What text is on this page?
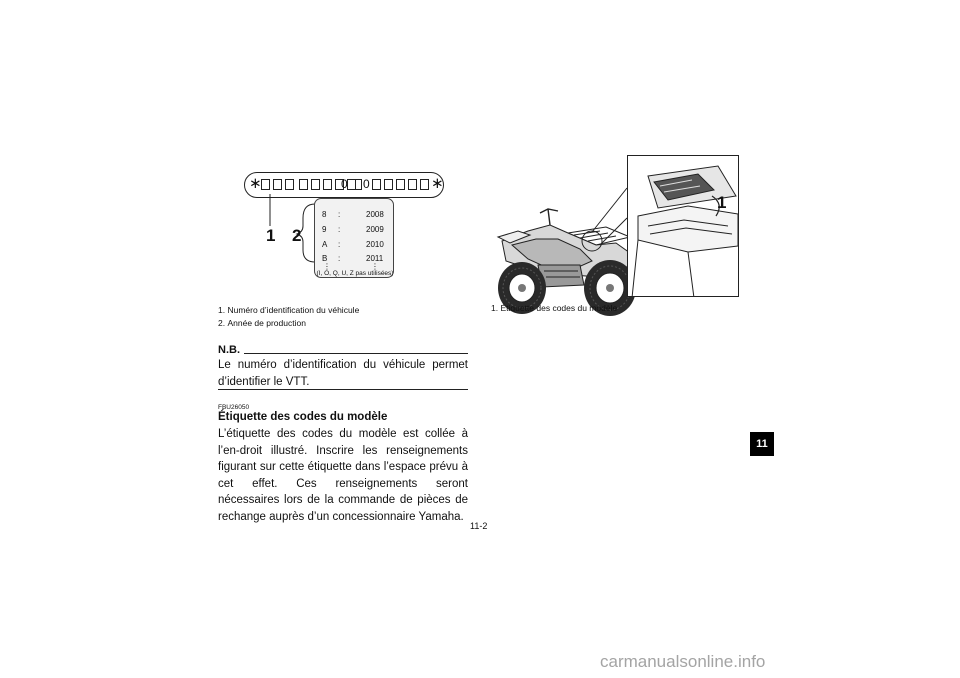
∗	∗
0 0
1 2
8 :	2008
9 :	2009
A :	2010
B :	2011
⋮	⋮
(I, O, Q, U, Z pas utilisées)
1. Numéro d’identification du véhicule
2. Année de production
N.B.
Le numéro d’identification du véhicule permet d’identifier le VTT.
FBU26050
Étiquette des codes du modèle
L’étiquette des codes du modèle est collée à l’en-droit illustré. Inscrire les renseignements figurant sur cette étiquette dans l’espace prévu à cet effet. Ces renseignements seront nécessaires lors de la commande de pièces de rechange auprès d’un concessionnaire Yamaha.
1
1. Étiquette des codes du modèle
11
11-2
carmanualsonline.info
